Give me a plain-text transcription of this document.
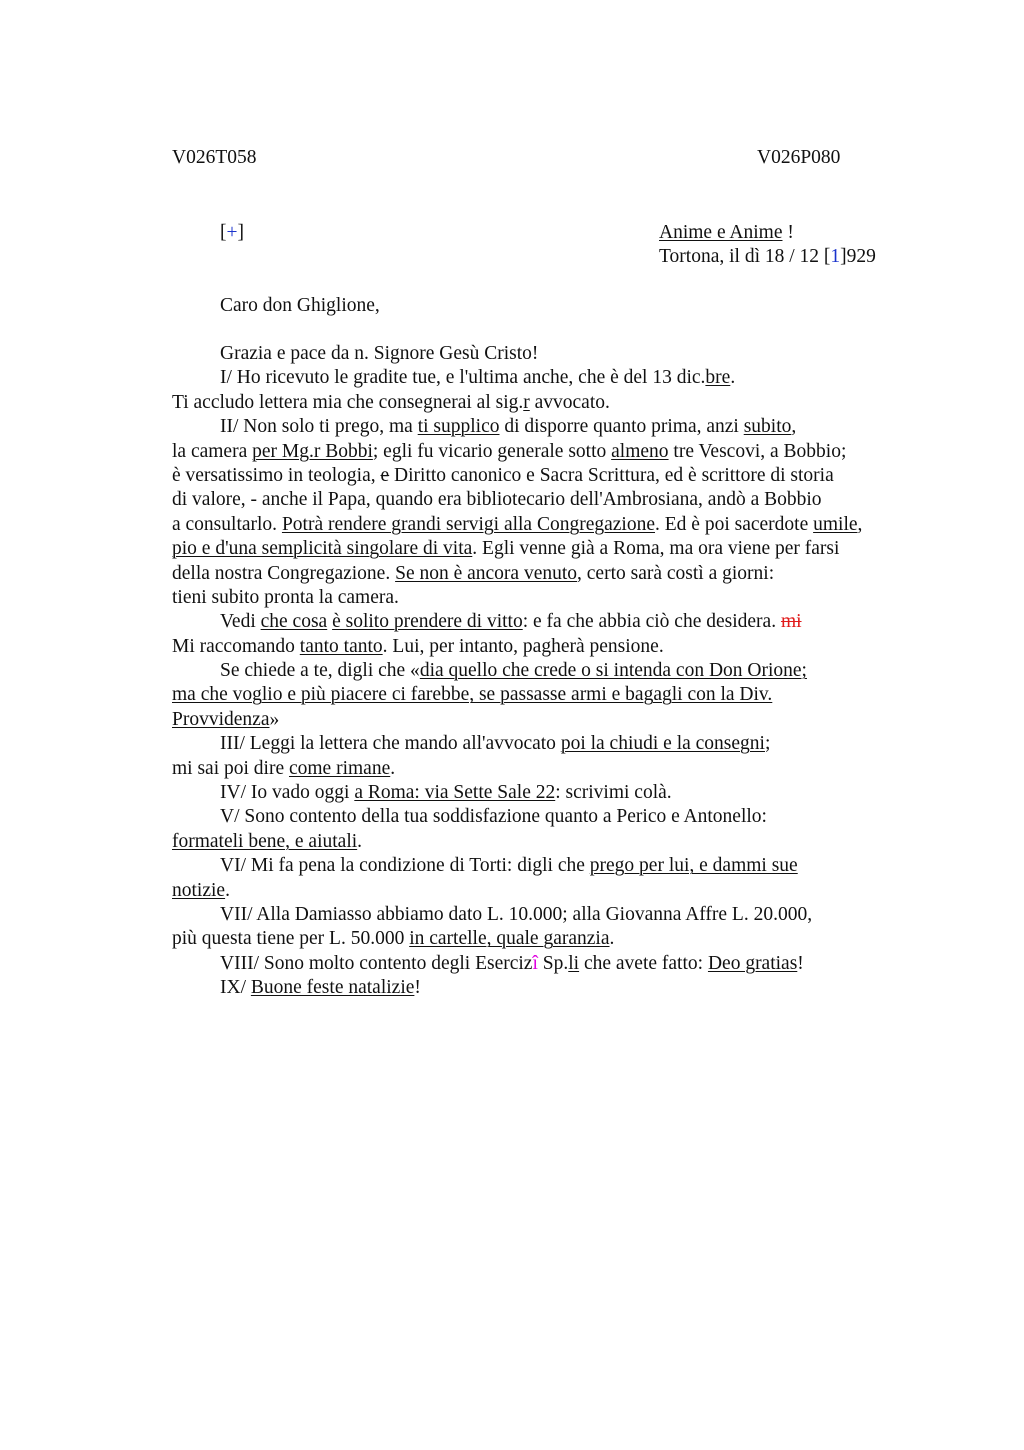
V026T058	V026P080
[+]	Anime e Anime !
Tortona, il dì 18 / 12 [1]929
Caro don Ghiglione,
Grazia e pace da n. Signore Gesù Cristo!
I/ Ho ricevuto le gradite tue, e l'ultima anche, che è del 13 dic.bre.
Ti accludo lettera mia che consegnerai al sig.r avvocato.
II/ Non solo ti prego, ma ti supplico di disporre quanto prima, anzi subito,
la camera per Mg.r Bobbi; egli fu vicario generale sotto almeno tre Vescovi, a Bobbio;
è versatissimo in teologia, e Diritto canonico e Sacra Scrittura, ed è scrittore di storia
di valore, - anche il Papa, quando era bibliotecario dell'Ambrosiana, andò a Bobbio
a consultarlo. Potrà rendere grandi servigi alla Congregazione. Ed è poi sacerdote umile,
pio e d'una semplicità singolare di vita. Egli venne già a Roma, ma ora viene per farsi
della nostra Congregazione. Se non è ancora venuto, certo sarà costì a giorni:
tieni subito pronta la camera.
Vedi che cosa è solito prendere di vitto: e fa che abbia ciò che desidera. mi
Mi raccomando tanto tanto. Lui, per intanto, pagherà pensione.
Se chiede a te, digli che «dia quello che crede o si intenda con Don Orione;
ma che voglio e più piacere ci farebbe, se passasse armi e bagagli con la Div.
Provvidenza»
III/ Leggi la lettera che mando all'avvocato poi la chiudi e la consegni;
mi sai poi dire come rimane.
IV/ Io vado oggi a Roma: via Sette Sale 22: scrivimi colà.
V/ Sono contento della tua soddisfazione quanto a Perico e Antonello:
formateli bene, e aiutali.
VI/ Mi fa pena la condizione di Torti: digli che prego per lui, e dammi sue
notizie.
VII/ Alla Damiasso abbiamo dato L. 10.000; alla Giovanna Affre L. 20.000,
più questa tiene per L. 50.000 in cartelle, quale garanzia.
VIII/ Sono molto contento degli Esercizî Sp.li che avete fatto: Deo gratias!
IX/ Buone feste natalizie!
